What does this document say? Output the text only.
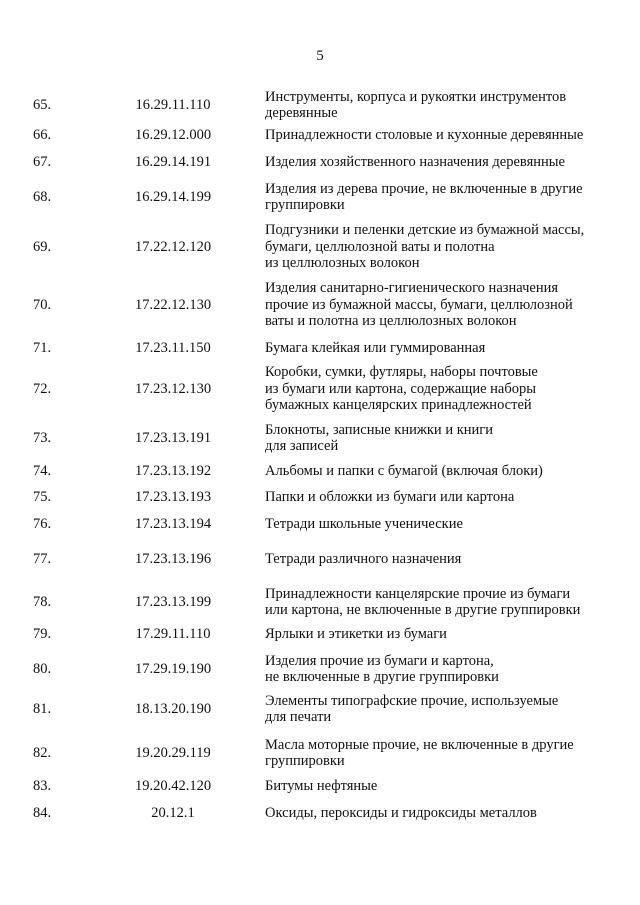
5
65.	16.29.11.110
Инструменты, корпуса и рукоятки инструментов
деревянные
66.	16.29.12.000	Принадлежности столовые и кухонные деревянные
67.	16.29.14.191	Изделия хозяйственного назначения деревянные
68.	16.29.14.199
Изделия из дерева прочие, не включенные в другие
группировки
69.	17.22.12.120
Подгузники и пеленки детские из бумажной массы,
бумаги, целлюлозной ваты и полотна
из целлюлозных волокон
70.	17.22.12.130
Изделия санитарно-гигиенического назначения
прочие из бумажной массы, бумаги, целлюлозной
ваты и полотна из целлюлозных волокон
71.	17.23.11.150	Бумага клейкая или гуммированная
72.	17.23.12.130
Коробки, сумки, футляры, наборы почтовые
из бумаги или картона, содержащие наборы
бумажных канцелярских принадлежностей
73.	17.23.13.191
Блокноты, записные книжки и книги
для записей
74.	17.23.13.192	Альбомы и папки с бумагой (включая блоки)
75.	17.23.13.193	Папки и обложки из бумаги или картона
76.	17.23.13.194	Тетради школьные ученические
77.	17.23.13.196	Тетради различного назначения
78.	17.23.13.199
Принадлежности канцелярские прочие из бумаги
или картона, не включенные в другие группировки
79.	17.29.11.110	Ярлыки и этикетки из бумаги
80.	17.29.19.190
Изделия прочие из бумаги и картона,
не включенные в другие группировки
81.	18.13.20.190
Элементы типографские прочие, используемые
для печати
82.	19.20.29.119
Масла моторные прочие, не включенные в другие
группировки
83.	19.20.42.120	Битумы нефтяные
84.	20.12.1	Оксиды, пероксиды и гидроксиды металлов
